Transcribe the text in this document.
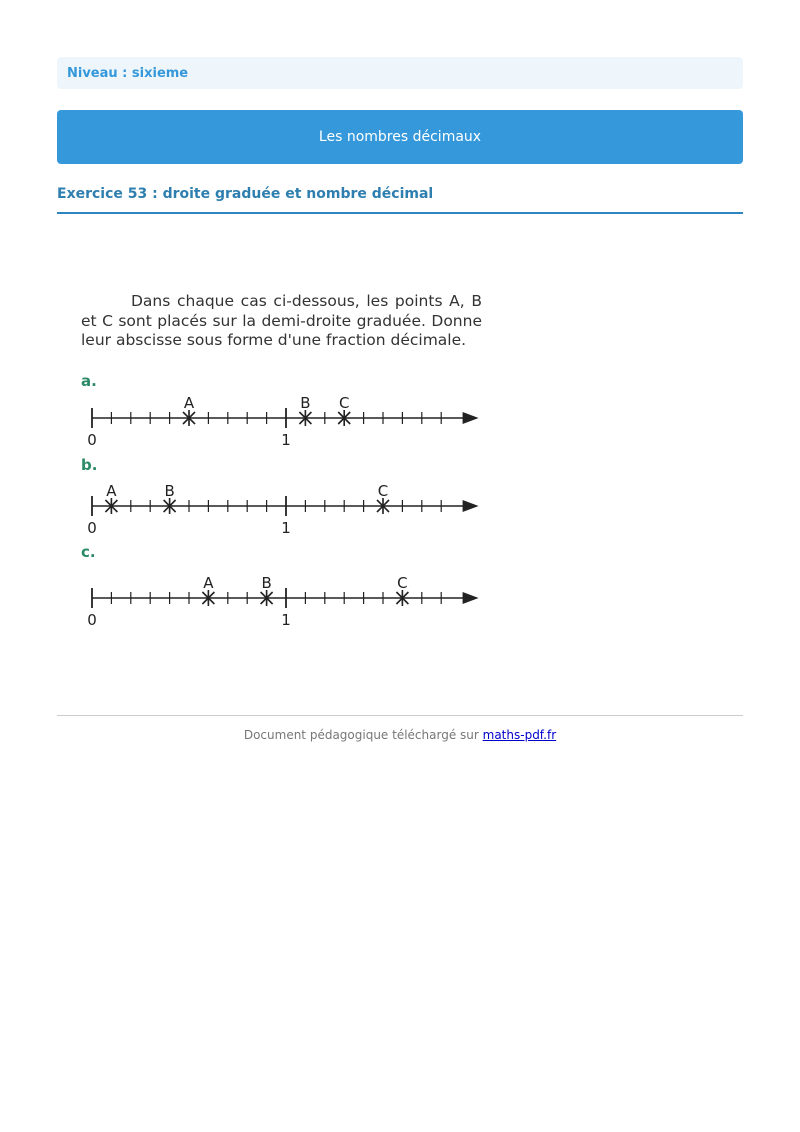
Niveau : sixieme
Les nombres décimaux
Exercice 53 : droite graduée et nombre décimal

Dans chaque cas ci-dessous, les points A, B et C sont placés sur la demi-droite graduée. Donne leur abscisse sous forme d'une fraction décimale.

a.
0	1
A	B C
b.
0	1
A	B	C
c.
0	1
A	B	C
Document pédagogique téléchargé sur maths-pdf.fr
